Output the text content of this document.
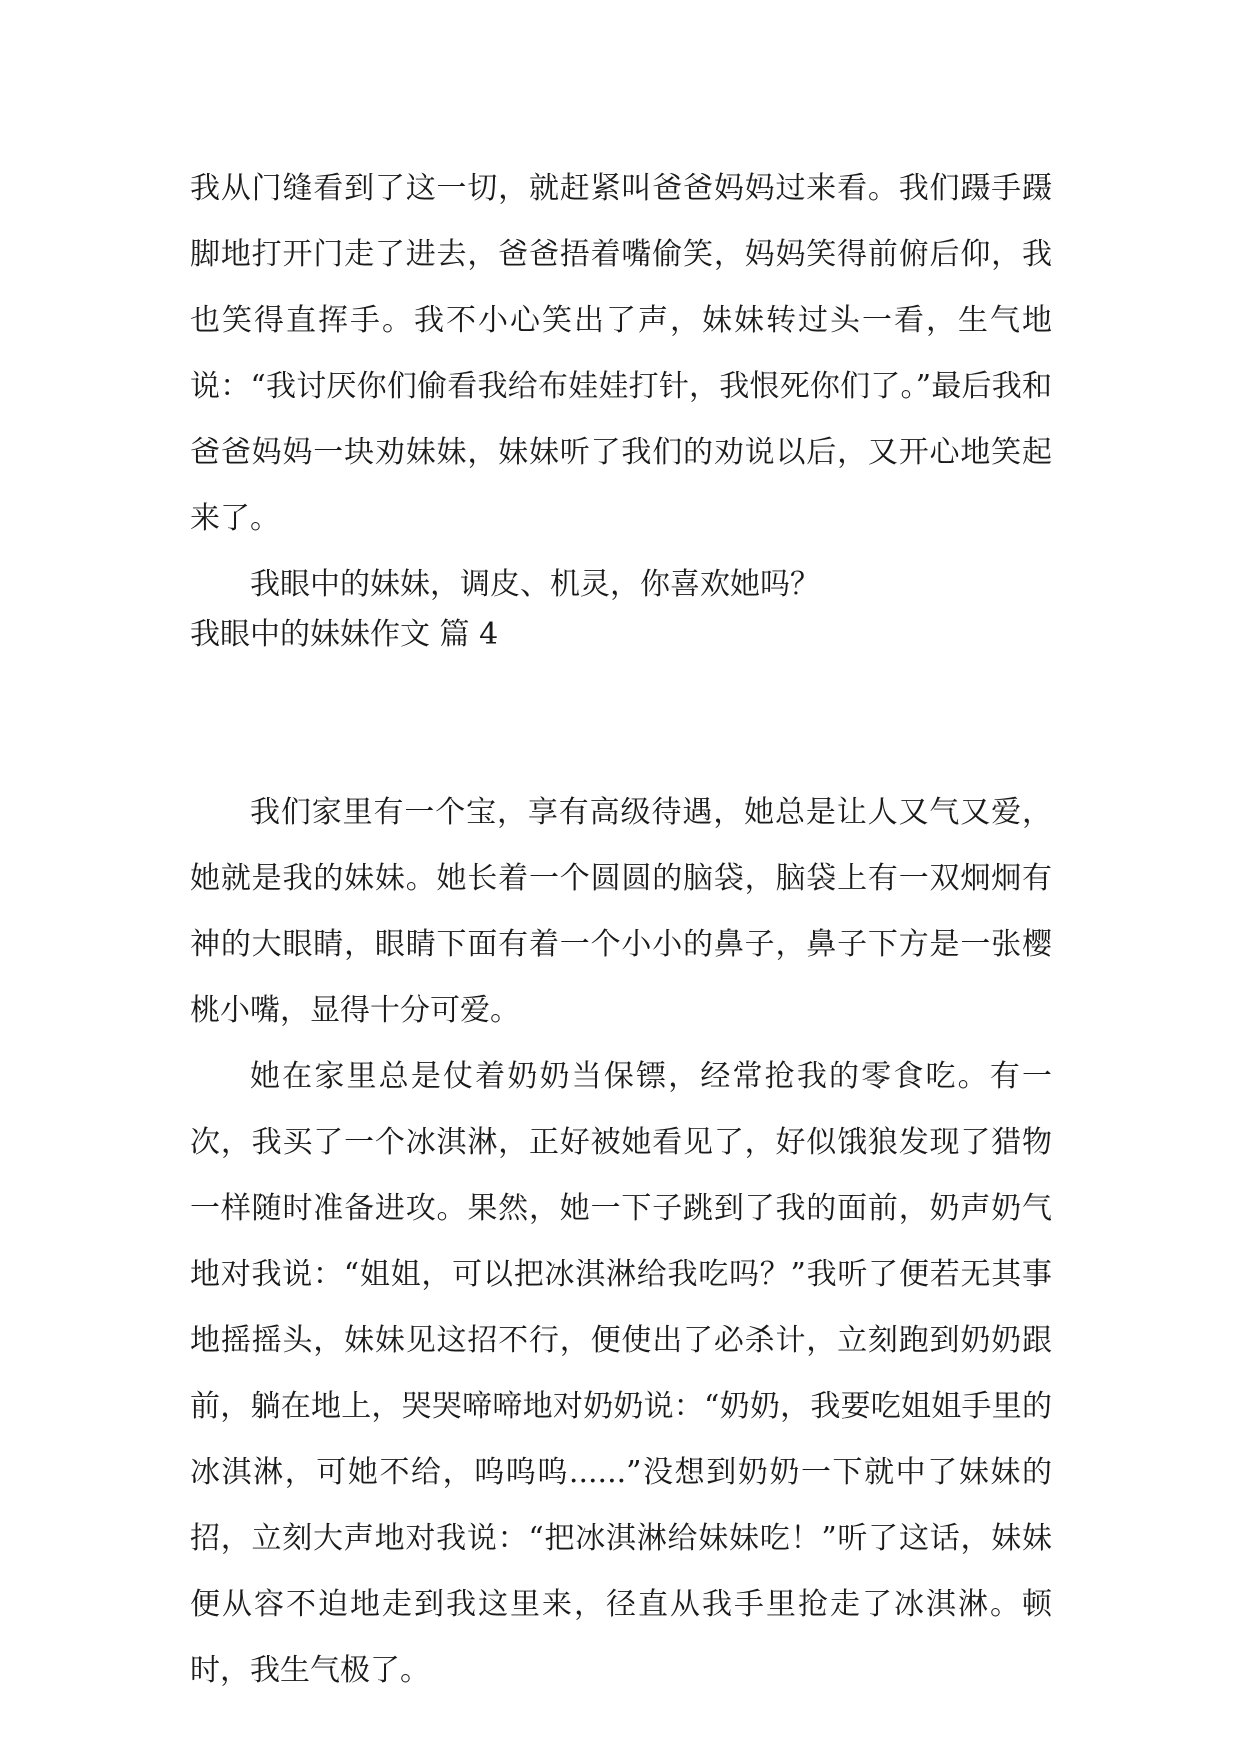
我从门缝看到了这一切，就赶紧叫爸爸妈妈过来看。我们蹑手蹑脚地打开门走了进去，爸爸捂着嘴偷笑，妈妈笑得前俯后仰，我也笑得直挥手。我不小心笑出了声，妹妹转过头一看，生气地说：“我讨厌你们偷看我给布娃娃打针，我恨死你们了。”最后我和爸爸妈妈一块劝妹妹，妹妹听了我们的劝说以后，又开心地笑起来了。

我眼中的妹妹，调皮、机灵，你喜欢她吗？

我眼中的妹妹作文 篇 4

我们家里有一个宝，享有高级待遇，她总是让人又气又爱，她就是我的妹妹。她长着一个圆圆的脑袋，脑袋上有一双炯炯有神的大眼睛，眼睛下面有着一个小小的鼻子，鼻子下方是一张樱桃小嘴，显得十分可爱。

她在家里总是仗着奶奶当保镖，经常抢我的零食吃。有一次，我买了一个冰淇淋，正好被她看见了，好似饿狼发现了猎物一样随时准备进攻。果然，她一下子跳到了我的面前，奶声奶气地对我说：“姐姐，可以把冰淇淋给我吃吗？”我听了便若无其事地摇摇头，妹妹见这招不行，便使出了必杀计，立刻跑到奶奶跟前，躺在地上，哭哭啼啼地对奶奶说：“奶奶，我要吃姐姐手里的冰淇淋，可她不给，呜呜呜......”没想到奶奶一下就中了妹妹的招，立刻大声地对我说：“把冰淇淋给妹妹吃！”听了这话，妹妹便从容不迫地走到我这里来，径直从我手里抢走了冰淇淋。顿时，我生气极了。
